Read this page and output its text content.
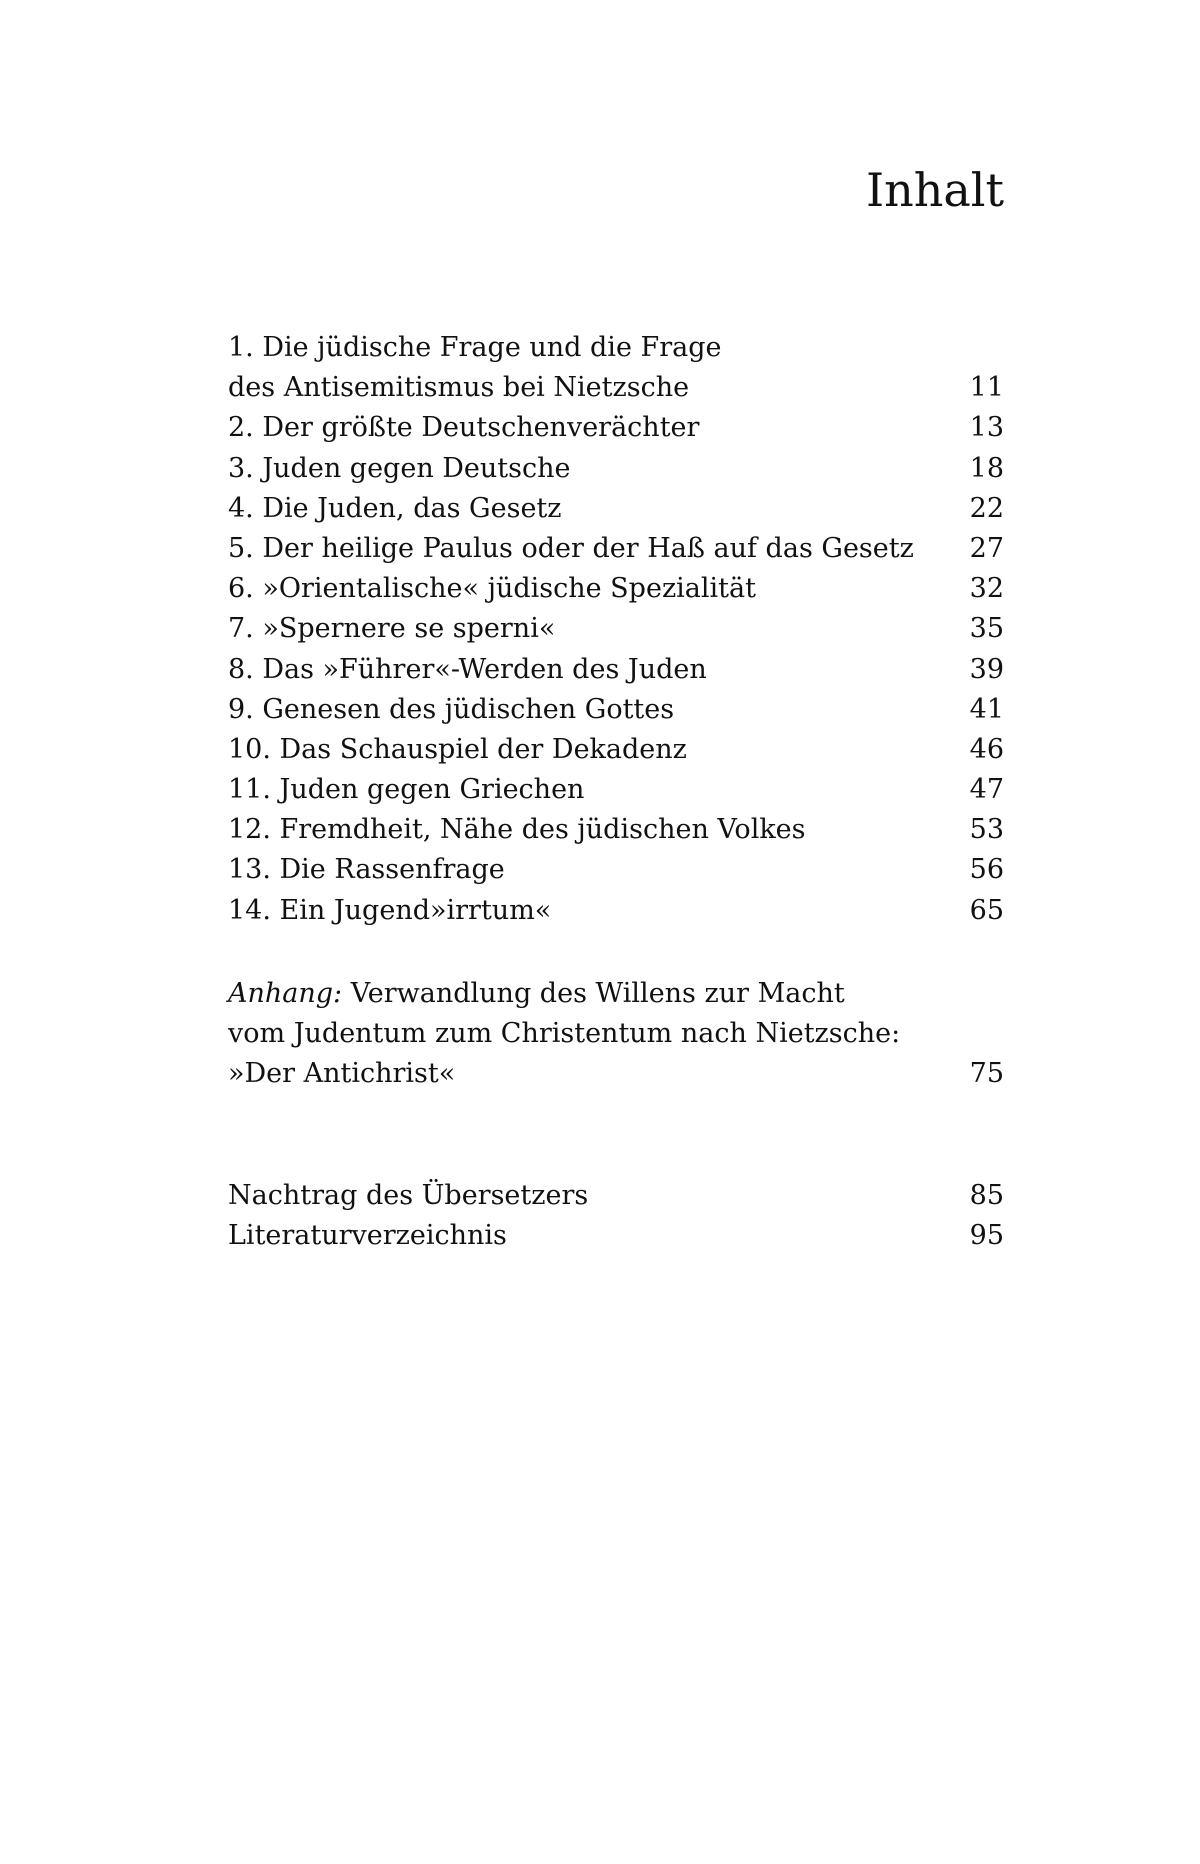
Inhalt
1. Die jüdische Frage und die Frage
des Antisemitismus bei Nietzsche	11
2. Der größte Deutschenverächter	13
3. Juden gegen Deutsche	18
4. Die Juden, das Gesetz	22
5. Der heilige Paulus oder der Haß auf das Gesetz	27
6. »Orientalische« jüdische Spezialität	32
7. »Spernere se sperni«	35
8. Das »Führer«-Werden des Juden	39
9. Genesen des jüdischen Gottes	41
10. Das Schauspiel der Dekadenz	46
11. Juden gegen Griechen	47
12. Fremdheit, Nähe des jüdischen Volkes	53
13. Die Rassenfrage	56
14. Ein Jugend»irrtum«	65
Anhang: Verwandlung des Willens zur Macht
vom Judentum zum Christentum nach Nietzsche:
»Der Antichrist«	75
Nachtrag des Übersetzers	85
Literaturverzeichnis	95
